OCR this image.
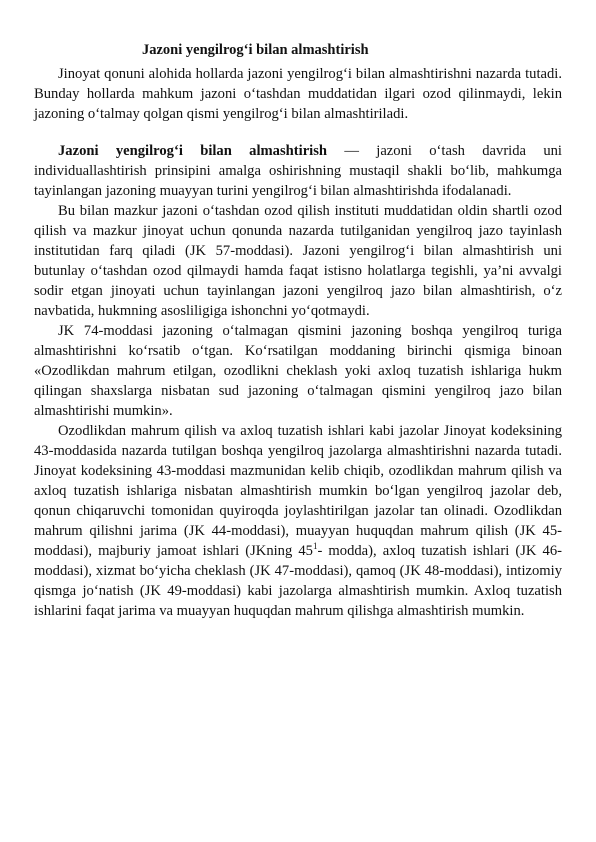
Jazoni yengilrog‘i bilan almashtirish

Jinoyat qonuni alohida hollarda jazoni yengilrog‘i bilan almashtirishni nazarda tutadi. Bunday hollarda mahkum jazoni o‘tashdan muddatidan ilgari ozod qilinmaydi, lekin jazoning o‘talmay qolgan qismi yengilrog‘i bilan almashtiriladi.

Jazoni yengilrog‘i bilan almashtirish — jazoni o‘tash davrida uni individuallashtirish prinsipini amalga oshirishning mustaqil shakli bo‘lib, mahkumga tayinlangan jazoning muayyan turini yengilrog‘i bilan almashtirishda ifodalanadi.

Bu bilan mazkur jazoni o‘tashdan ozod qilish instituti muddatidan oldin shartli ozod qilish va mazkur jinoyat uchun qonunda nazarda tutilganidan yengilroq jazo tayinlash institutidan farq qiladi (JK 57-moddasi). Jazoni yengilrog‘i bilan almashtirish uni butunlay o‘tashdan ozod qilmaydi hamda faqat istisno holatlarga tegishli, ya’ni avvalgi sodir etgan jinoyati uchun tayinlangan jazoni yengilroq jazo bilan almashtirish, o‘z navbatida, hukmning asosliligiga ishonchni yo‘qotmaydi.

JK 74-moddasi jazoning o‘talmagan qismini jazoning boshqa yengilroq turiga almashtirishni ko‘rsatib o‘tgan. Ko‘rsatilgan moddaning birinchi qismiga binoan «Ozodlikdan mahrum etilgan, ozodlikni cheklash yoki axloq tuzatish ishlariga hukm qilingan shaxslarga nisbatan sud jazoning o‘talmagan qismini yengilroq jazo bilan almashtirishi mumkin».

Ozodlikdan mahrum qilish va axloq tuzatish ishlari kabi jazolar Jinoyat kodeksining 43-moddasida nazarda tutilgan boshqa yengilroq jazolarga almashtirishni nazarda tutadi. Jinoyat kodeksining 43-moddasi mazmunidan kelib chiqib, ozodlikdan mahrum qilish va axloq tuzatish ishlariga nisbatan almashtirish mumkin bo‘lgan yengilroq jazolar deb, qonun chiqaruvchi tomonidan quyiroqda joylashtirilgan jazolar tan olinadi. Ozodlikdan mahrum qilishni jarima (JK 44-moddasi), muayyan huquqdan mahrum qilish (JK 45-moddasi), majburiy jamoat ishlari (JKning $45^1-$ modda), axloq tuzatish ishlari (JK 46-moddasi), xizmat bo‘yicha cheklash (JK 47-moddasi), qamoq (JK 48-moddasi), intizomiy qismga jo‘natish (JK 49-moddasi) kabi jazolarga almashtirish mumkin. Axloq tuzatish ishlarini faqat jarima va muayyan huquqdan mahrum qilishga almashtirish mumkin.
